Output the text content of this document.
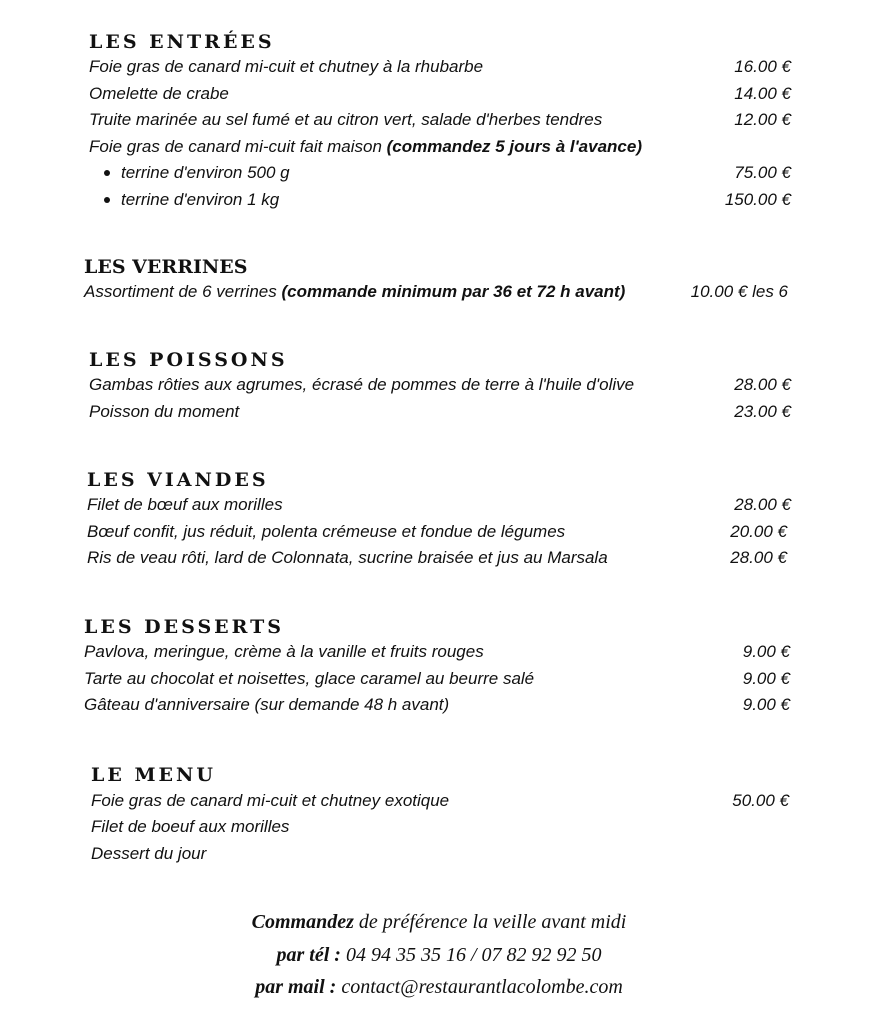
LES ENTRÉES
Foie gras de canard mi-cuit et chutney à la rhubarbe	16.00 €
Omelette de crabe	14.00 €
Truite marinée au sel fumé et au citron vert, salade d'herbes tendres	12.00 €
Foie gras de canard mi-cuit fait maison (commandez 5 jours à l'avance)
terrine d'environ 500 g	75.00 €
terrine d'environ 1 kg	150.00 €
LES VERRINES
Assortiment de 6 verrines (commande minimum par 36 et 72 h avant)	10.00 € les 6
LES POISSONS
Gambas rôties aux agrumes, écrasé de pommes de terre à l'huile d'olive	28.00 €
Poisson du moment	23.00 €
LES VIANDES
Filet de bœuf aux morilles	28.00 €
Bœuf confit, jus réduit, polenta crémeuse et fondue de légumes	20.00 €
Ris de veau rôti, lard de Colonnata, sucrine braisée et jus au Marsala	28.00 €
LES DESSERTS
Pavlova, meringue, crème à la vanille et fruits rouges	9.00 €
Tarte au chocolat et noisettes, glace caramel au beurre salé	9.00 €
Gâteau d'anniversaire (sur demande 48 h avant)	9.00 €
LE MENU
Foie gras de canard mi-cuit et chutney exotique	50.00 €
Filet de boeuf aux morilles
Dessert du jour
Commandez de préférence la veille avant midi
par tél : 04 94 35 35 16 / 07 82 92 92 50
par mail : contact@restaurantlacolombe.com
